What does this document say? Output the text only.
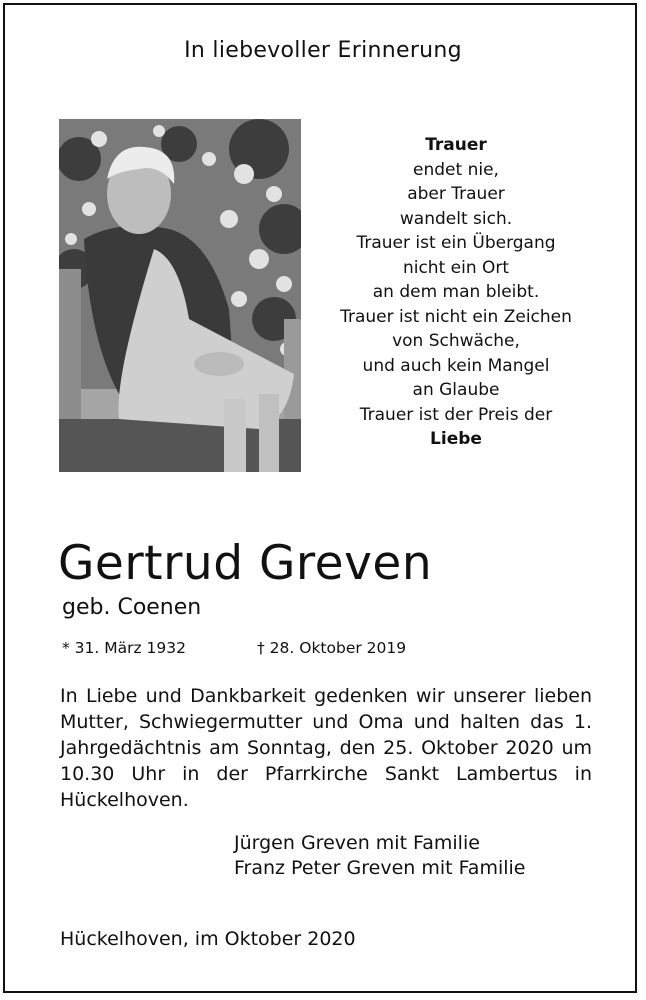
In liebevoller Erinnerung
Trauer
endet nie,
aber Trauer
wandelt sich.
Trauer ist ein Übergang
nicht ein Ort
an dem man bleibt.
Trauer ist nicht ein Zeichen
von Schwäche,
und auch kein Mangel
an Glaube
Trauer ist der Preis der
Liebe
Gertrud Greven
geb. Coenen
* 31. März 1932	† 28. Oktober 2019
In Liebe und Dankbarkeit gedenken wir unserer lieben Mutter, Schwiegermutter und Oma und halten das 1. Jahrgedächtnis am Sonntag, den 25. Oktober 2020 um 10.30 Uhr in der Pfarrkirche Sankt Lambertus in Hückelhoven.
Jürgen Greven mit Familie
Franz Peter Greven mit Familie
Hückelhoven, im Oktober 2020
